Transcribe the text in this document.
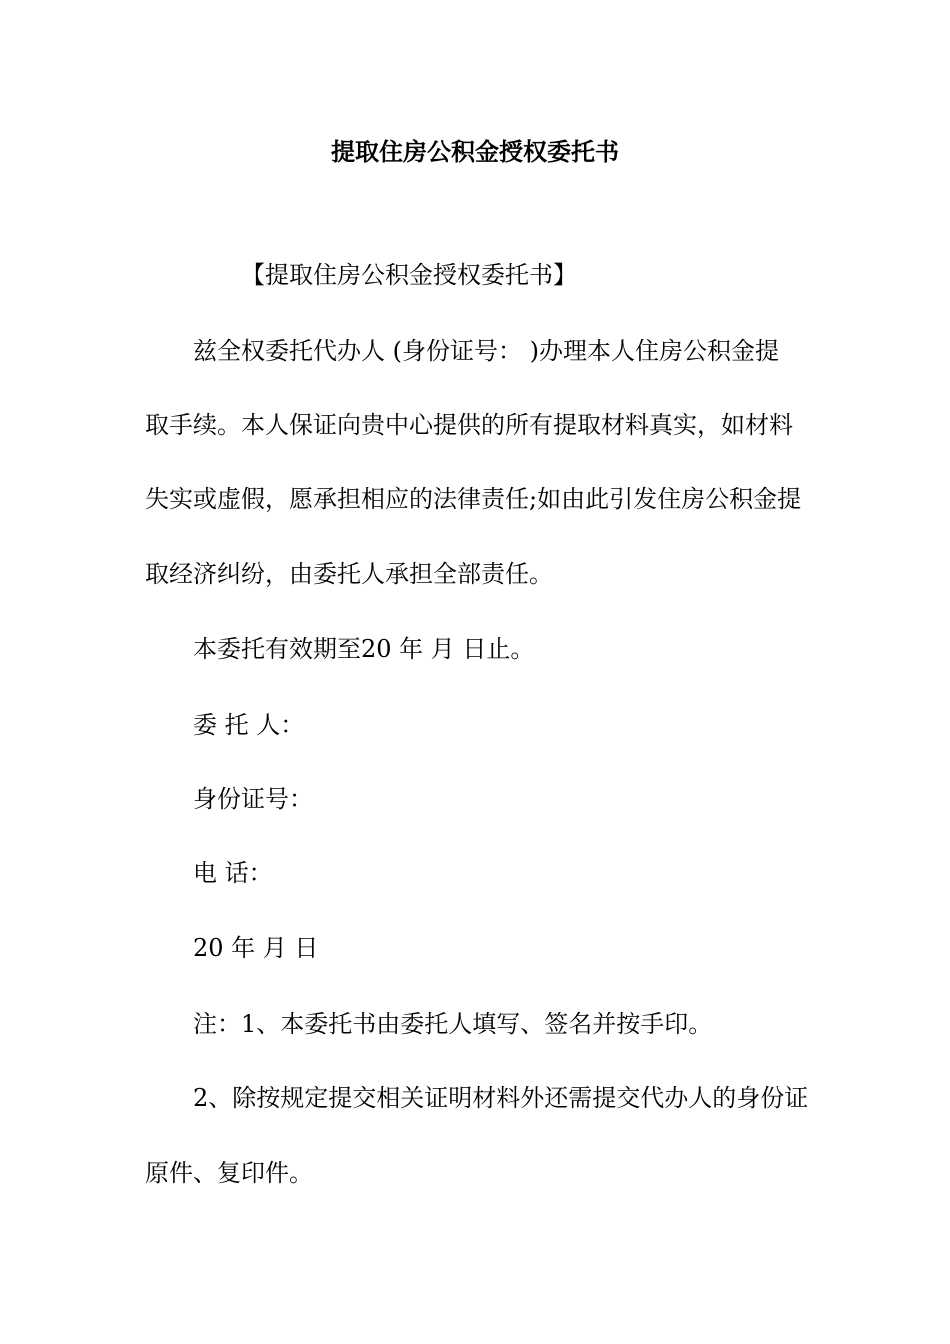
提取住房公积金授权委托书
【提取住房公积金授权委托书】
兹全权委托代办人 (身份证号： )办理本人住房公积金提
取手续。本人保证向贵中心提供的所有提取材料真实，如材料
失实或虚假，愿承担相应的法律责任;如由此引发住房公积金提
取经济纠纷，由委托人承担全部责任。
本委托有效期至20 年 月 日止。
委 托 人：
身份证号：
电 话：
20 年 月 日
注：1、本委托书由委托人填写、签名并按手印。
2、除按规定提交相关证明材料外还需提交代办人的身份证
原件、复印件。
